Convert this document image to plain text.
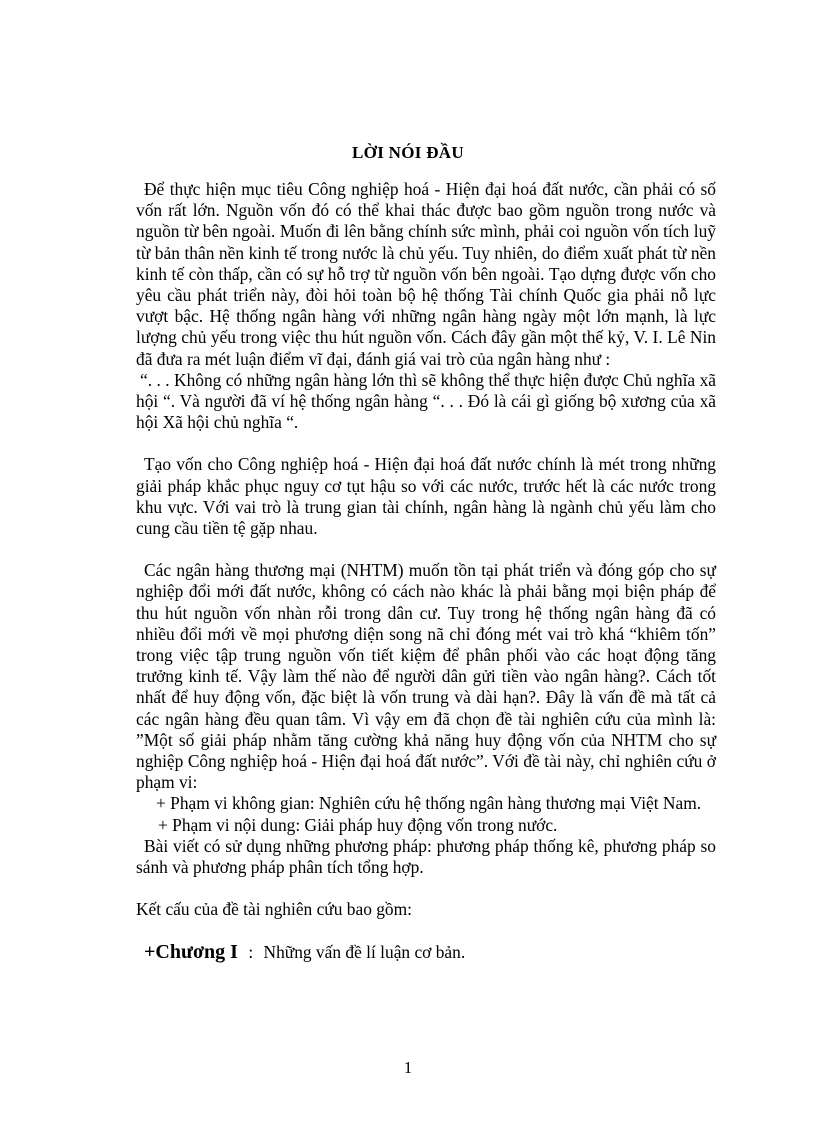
LỜI NÓI ĐẦU

Để thực hiện mục tiêu Công nghiệp hoá - Hiện đại hoá đất nước, cần phải có số vốn rất lớn. Nguồn vốn đó có thể khai thác được bao gồm nguồn trong nước và nguồn từ bên ngoài. Muốn đi lên bằng chính sức mình, phải coi nguồn vốn tích luỹ từ bản thân nền kinh tế trong nước là chủ yếu. Tuy nhiên, do điểm xuất phát từ nền kinh tế còn thấp, cần có sự hỗ trợ từ nguồn vốn bên ngoài. Tạo dựng được vốn cho yêu cầu phát triển này, đòi hỏi toàn bộ hệ thống Tài chính Quốc gia phải nỗ lực vượt bậc. Hệ thống ngân hàng với những ngân hàng ngày một lớn mạnh, là lực lượng chủ yếu trong việc thu hút nguồn vốn. Cách đây gần một thế kỷ, V. I. Lê Nin đã đưa ra mét luận điểm vĩ đại, đánh giá vai trò của ngân hàng như :

“. . . Không có những ngân hàng lớn thì sẽ không thể thực hiện được Chủ nghĩa xã hội “. Và người đã ví hệ thống ngân hàng “. . . Đó là cái gì giống bộ xương của xã hội Xã hội chủ nghĩa “.

Tạo vốn cho Công nghiệp hoá - Hiện đại hoá đất nước chính là mét trong những giải pháp khắc phục nguy cơ tụt hậu so với các nước, trước hết là các nước trong khu vực. Với vai trò là trung gian tài chính, ngân hàng là ngành chủ yếu làm cho cung cầu tiền tệ gặp nhau.

Các ngân hàng thương mại (NHTM) muốn tồn tại phát triển và đóng góp cho sự nghiệp đổi mới đất nước, không có cách nào khác là phải bằng mọi biện pháp để thu hút nguồn vốn nhàn rỗi trong dân cư. Tuy trong hệ thống ngân hàng đã có nhiều đổi mới về mọi phương diện song nã chỉ đóng mét vai trò khá “khiêm tốn” trong việc tập trung nguồn vốn tiết kiệm để phân phối vào các hoạt động tăng trưởng kinh tế. Vậy làm thế nào để người dân gửi tiền vào ngân hàng?. Cách tốt nhất để huy động vốn, đặc biệt là vốn trung và dài hạn?. Đây là vấn đề mà tất cả các ngân hàng đều quan tâm. Vì vậy em đã chọn đề tài nghiên cứu của mình là: ”Một số giải pháp nhằm tăng cường khả năng huy động vốn của NHTM cho sự nghiệp Công nghiệp hoá - Hiện đại hoá đất nước”. Với đề tài này, chỉ nghiên cứu ở phạm vi:

+ Phạm vi không gian: Nghiên cứu hệ thống ngân hàng thương mại Việt Nam.

+ Phạm vi nội dung: Giải pháp huy động vốn trong nước.

Bài viết có sử dụng những phương pháp: phương pháp thống kê, phương pháp so sánh và phương pháp phân tích tổng hợp.

Kết cấu của đề tài nghiên cứu bao gồm:

+Chương I : Những vấn đề lí luận cơ bản.

1
